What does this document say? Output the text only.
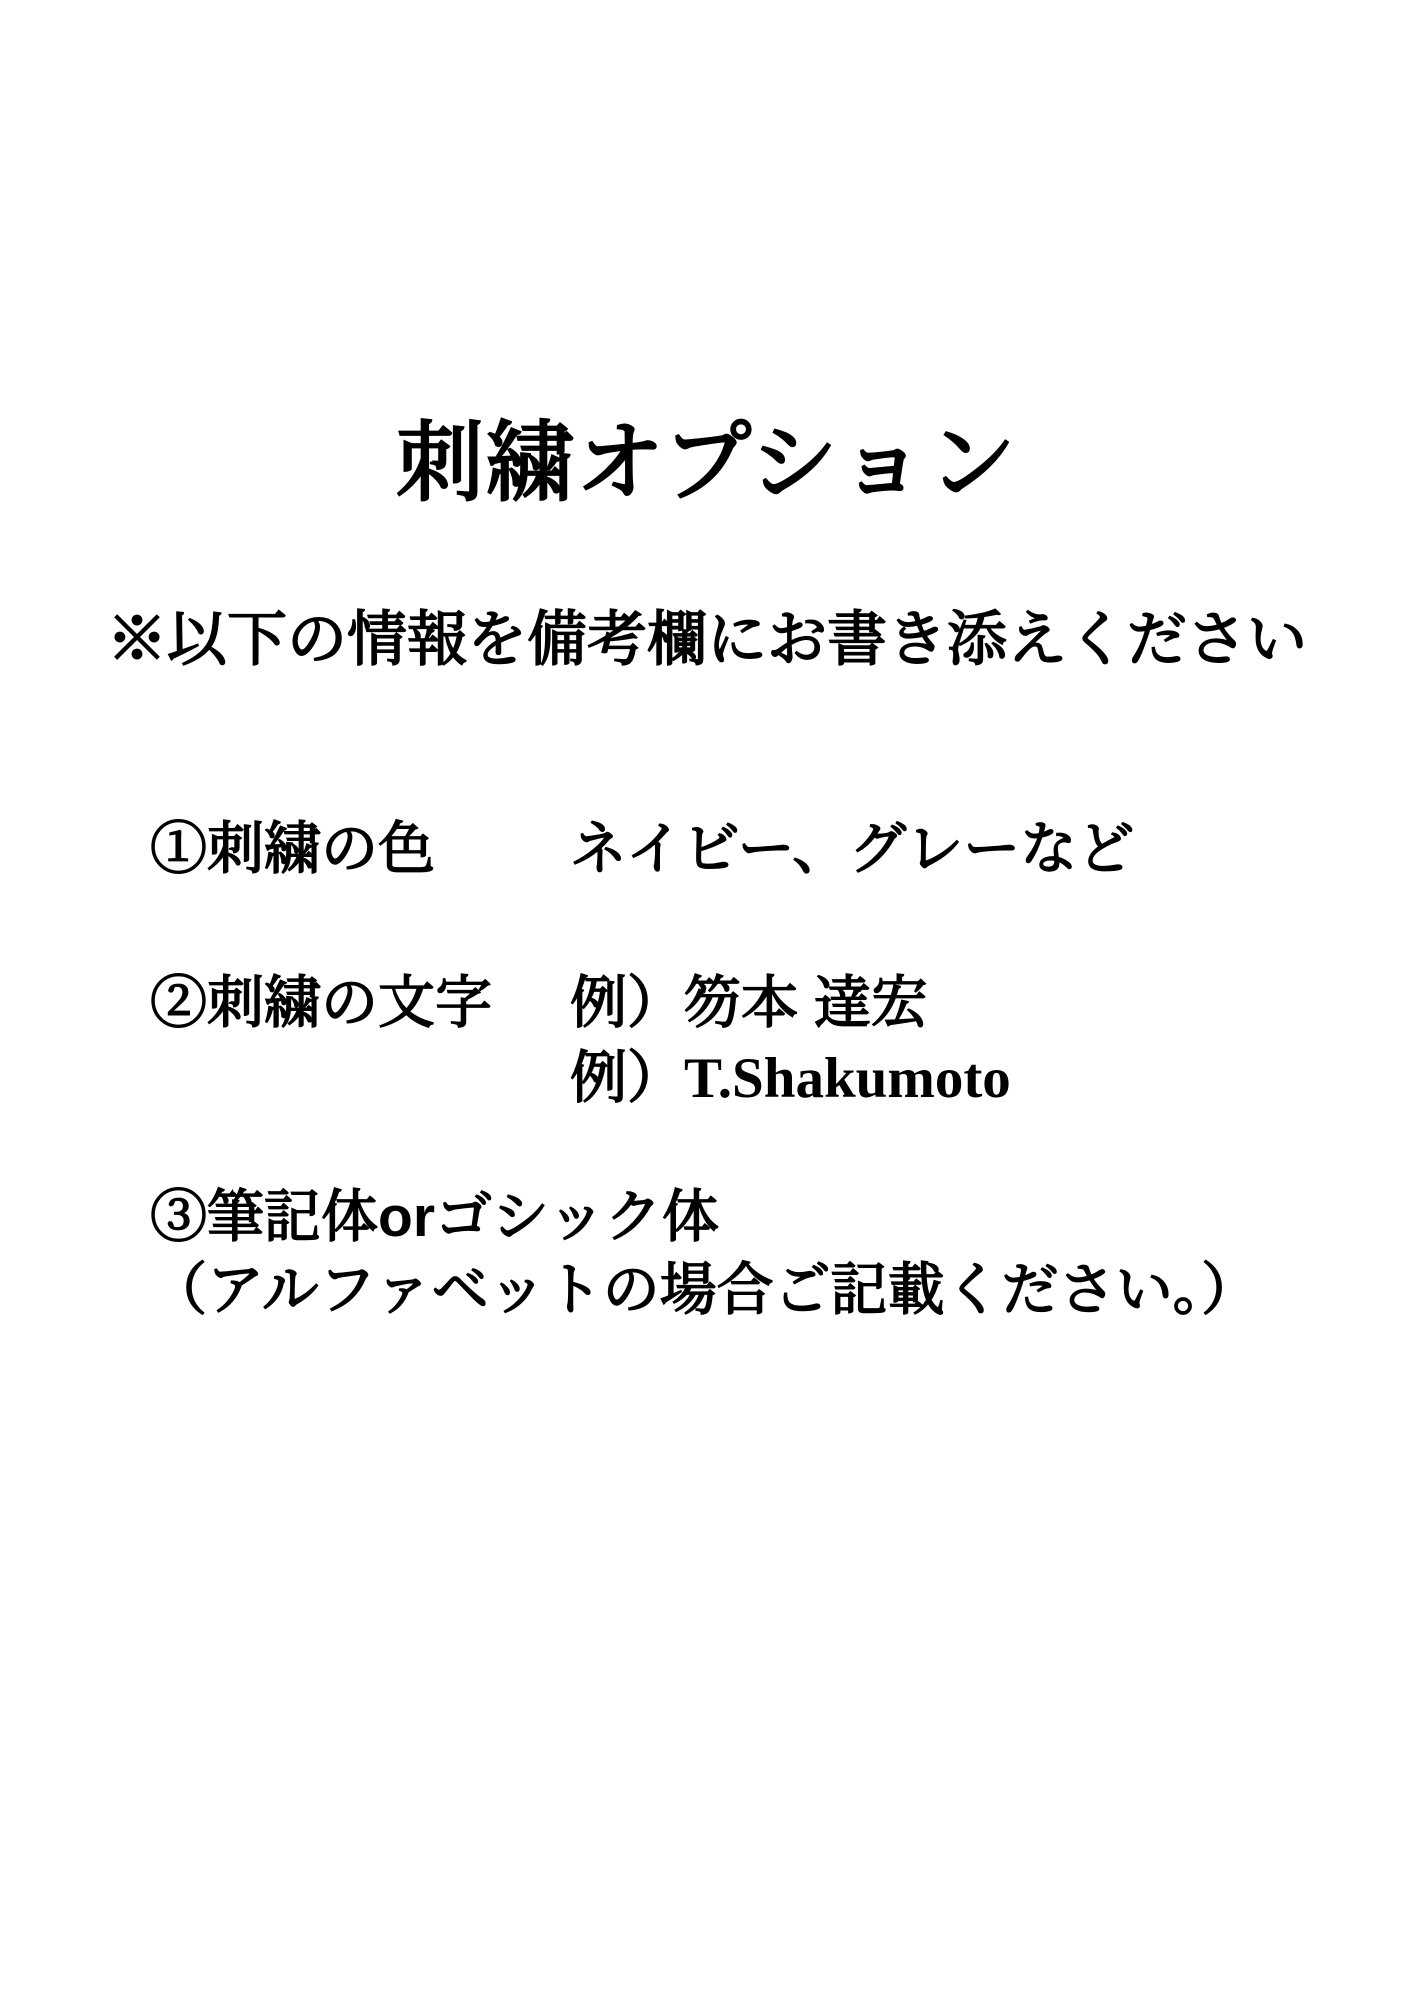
刺繍オプション
※以下の情報を備考欄にお書き添えください
①刺繍の色	ネイビー、グレーなど
②刺繍の文字	例）笏本 達宏
例）T.Shakumoto
③筆記体orゴシック体
（アルファベットの場合ご記載ください。）
